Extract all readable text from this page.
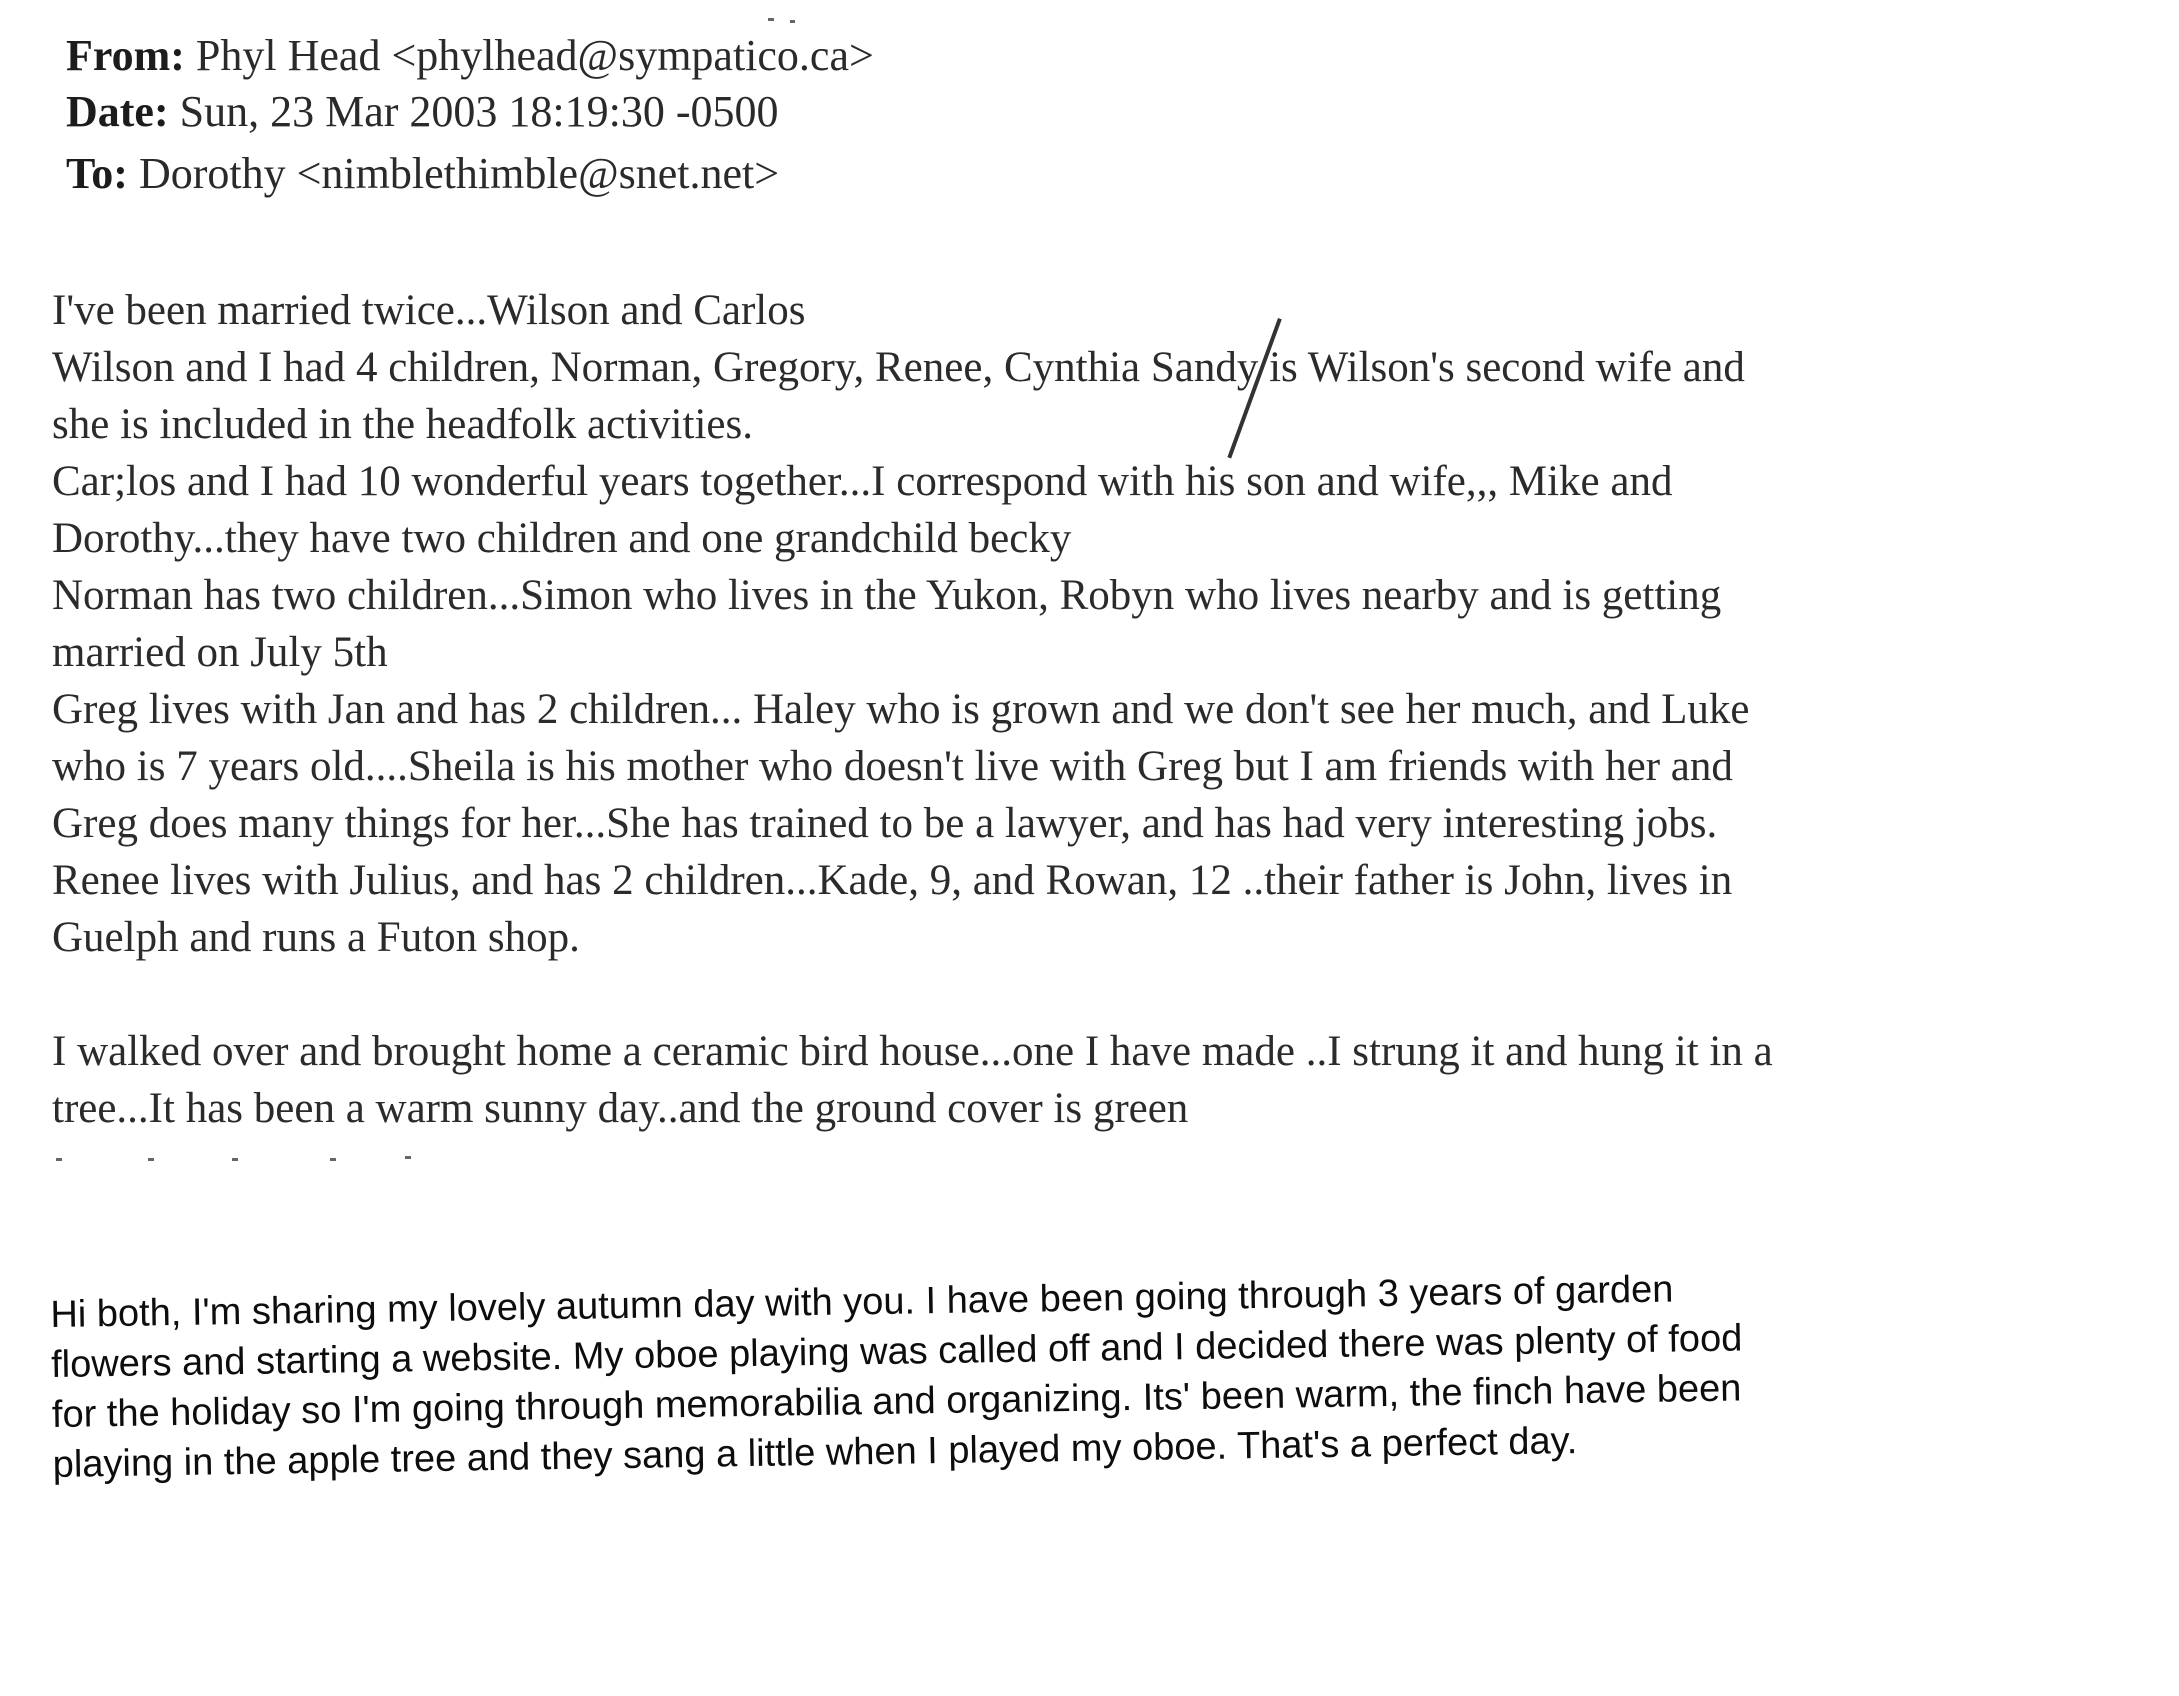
From: Phyl Head <phylhead@sympatico.ca>
Date: Sun, 23 Mar 2003 18:19:30 -0500
To: Dorothy <nimblethimble@snet.net>
I've been married twice...Wilson and Carlos
Wilson and I had 4 children, Norman, Gregory, Renee, Cynthia Sandy is Wilson's second wife and
she is included in the headfolk activities.
Car;los and I had 10 wonderful years together...I correspond with his son and wife,,, Mike and
Dorothy...they have two children and one grandchild becky
Norman has two children...Simon who lives in the Yukon, Robyn who lives nearby and is getting
married on July 5th
Greg lives with Jan and has 2 children... Haley who is grown and we don't see her much, and Luke
who is 7 years old....Sheila is his mother who doesn't live with Greg but I am friends with her and
Greg does many things for her...She has trained to be a lawyer, and has had very interesting jobs.
Renee lives with Julius, and has 2 children...Kade, 9, and Rowan, 12 ..their father is John, lives in
Guelph and runs a Futon shop.
I walked over and brought home a ceramic bird house...one I have made ..I strung it and hung it in a
tree...It has been a warm sunny day..and the ground cover is green
Hi both, I'm sharing my lovely autumn day with you. I have been going through 3 years of garden
flowers and starting a website. My oboe playing was called off and I decided there was plenty of food
for the holiday so I'm going through memorabilia and organizing. Its' been warm, the finch have been
playing in the apple tree and they sang a little when I played my oboe. That's a perfect day.
